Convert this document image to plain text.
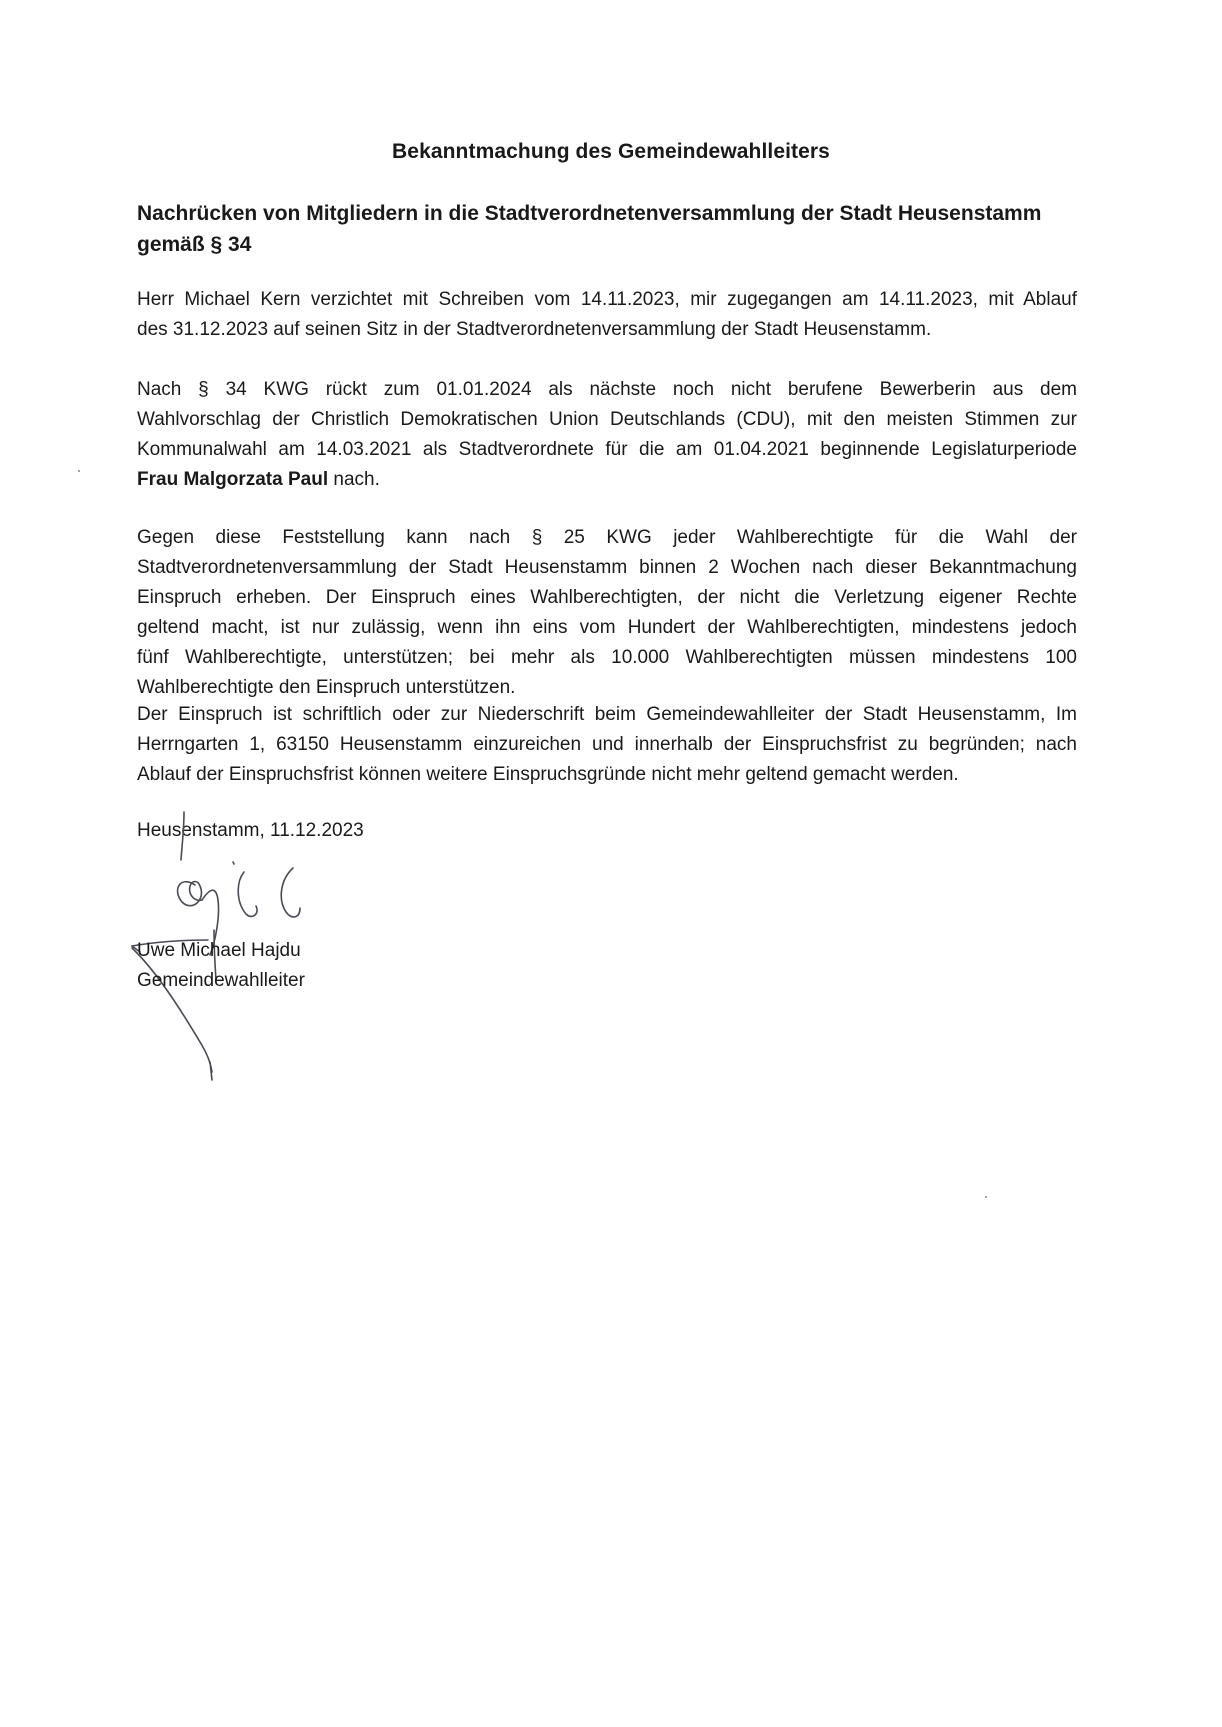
Bekanntmachung des Gemeindewahlleiters
Nachrücken von Mitgliedern in die Stadtverordnetenversammlung der Stadt Heusenstamm
gemäß § 34
Herr Michael Kern verzichtet mit Schreiben vom 14.11.2023, mir zugegangen am 14.11.2023, mit Ablauf
des 31.12.2023 auf seinen Sitz in der Stadtverordnetenversammlung der Stadt Heusenstamm.
Nach § 34 KWG rückt zum 01.01.2024 als nächste noch nicht berufene Bewerberin aus dem
Wahlvorschlag der Christlich Demokratischen Union Deutschlands (CDU), mit den meisten Stimmen zur
Kommunalwahl am 14.03.2021 als Stadtverordnete für die am 01.04.2021 beginnende Legislaturperiode
Frau Malgorzata Paul nach.
Gegen diese Feststellung kann nach § 25 KWG jeder Wahlberechtigte für die Wahl der
Stadtverordnetenversammlung der Stadt Heusenstamm binnen 2 Wochen nach dieser Bekanntmachung
Einspruch erheben. Der Einspruch eines Wahlberechtigten, der nicht die Verletzung eigener Rechte
geltend macht, ist nur zulässig, wenn ihn eins vom Hundert der Wahlberechtigten, mindestens jedoch
fünf Wahlberechtigte, unterstützen; bei mehr als 10.000 Wahlberechtigten müssen mindestens 100
Wahlberechtigte den Einspruch unterstützen.
Der Einspruch ist schriftlich oder zur Niederschrift beim Gemeindewahlleiter der Stadt Heusenstamm, Im
Herrngarten 1, 63150 Heusenstamm einzureichen und innerhalb der Einspruchsfrist zu begründen; nach
Ablauf der Einspruchsfrist können weitere Einspruchsgründe nicht mehr geltend gemacht werden.
Heusenstamm, 11.12.2023
Uwe Michael Hajdu
Gemeindewahlleiter
